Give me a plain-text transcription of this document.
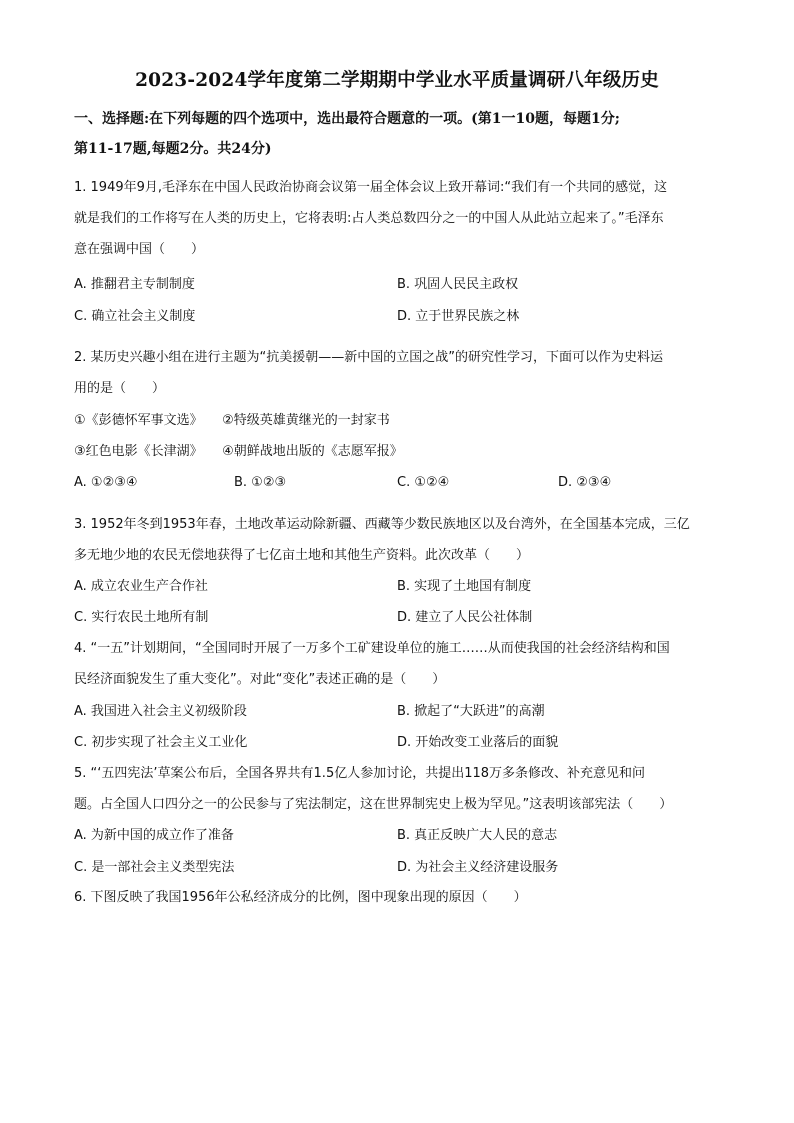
2023-2024学年度第二学期期中学业水平质量调研八年级历史
一、选择题:在下列每题的四个选项中，选出最符合题意的一项。(第1一10题，每题1分;
第11-17题,每题2分。共24分)
1. 1949年9月,毛泽东在中国人民政治协商会议第一届全体会议上致开幕词:“我们有一个共同的感觉，这
就是我们的工作将写在人类的历史上，它将表明:占人类总数四分之一的中国人从此站立起来了。”毛泽东
意在强调中国（　　）
A. 推翻君主专制制度	B. 巩固人民民主政权
C. 确立社会主义制度	D. 立于世界民族之林
2. 某历史兴趣小组在进行主题为“抗美援朝——新中国的立国之战”的研究性学习，下面可以作为史料运
用的是（　　）
①《彭德怀军事文选》　　②特级英雄黄继光的一封家书
③红色电影《长津湖》　　④朝鲜战地出版的《志愿军报》
A. ①②③④	B. ①②③	C. ①②④	D. ②③④
3. 1952年冬到1953年春，土地改革运动除新疆、西藏等少数民族地区以及台湾外，在全国基本完成，三亿
多无地少地的农民无偿地获得了七亿亩土地和其他生产资料。此次改革（　　）
A. 成立农业生产合作社	B. 实现了土地国有制度
C. 实行农民土地所有制	D. 建立了人民公社体制
4. “一五”计划期间，“全国同时开展了一万多个工矿建设单位的施工……从而使我国的社会经济结构和国
民经济面貌发生了重大变化”。对此“变化”表述正确的是（　　）
A. 我国进入社会主义初级阶段	B. 掀起了“大跃进”的高潮
C. 初步实现了社会主义工业化	D. 开始改变工业落后的面貌
5. “‘五四宪法’草案公布后，全国各界共有1.5亿人参加讨论，共提出118万多条修改、补充意见和问
题。占全国人口四分之一的公民参与了宪法制定，这在世界制宪史上极为罕见。”这表明该部宪法（　　）
A. 为新中国的成立作了准备	B. 真正反映广大人民的意志
C. 是一部社会主义类型宪法	D. 为社会主义经济建设服务
6. 下图反映了我国1956年公私经济成分的比例，图中现象出现的原因（　　）
